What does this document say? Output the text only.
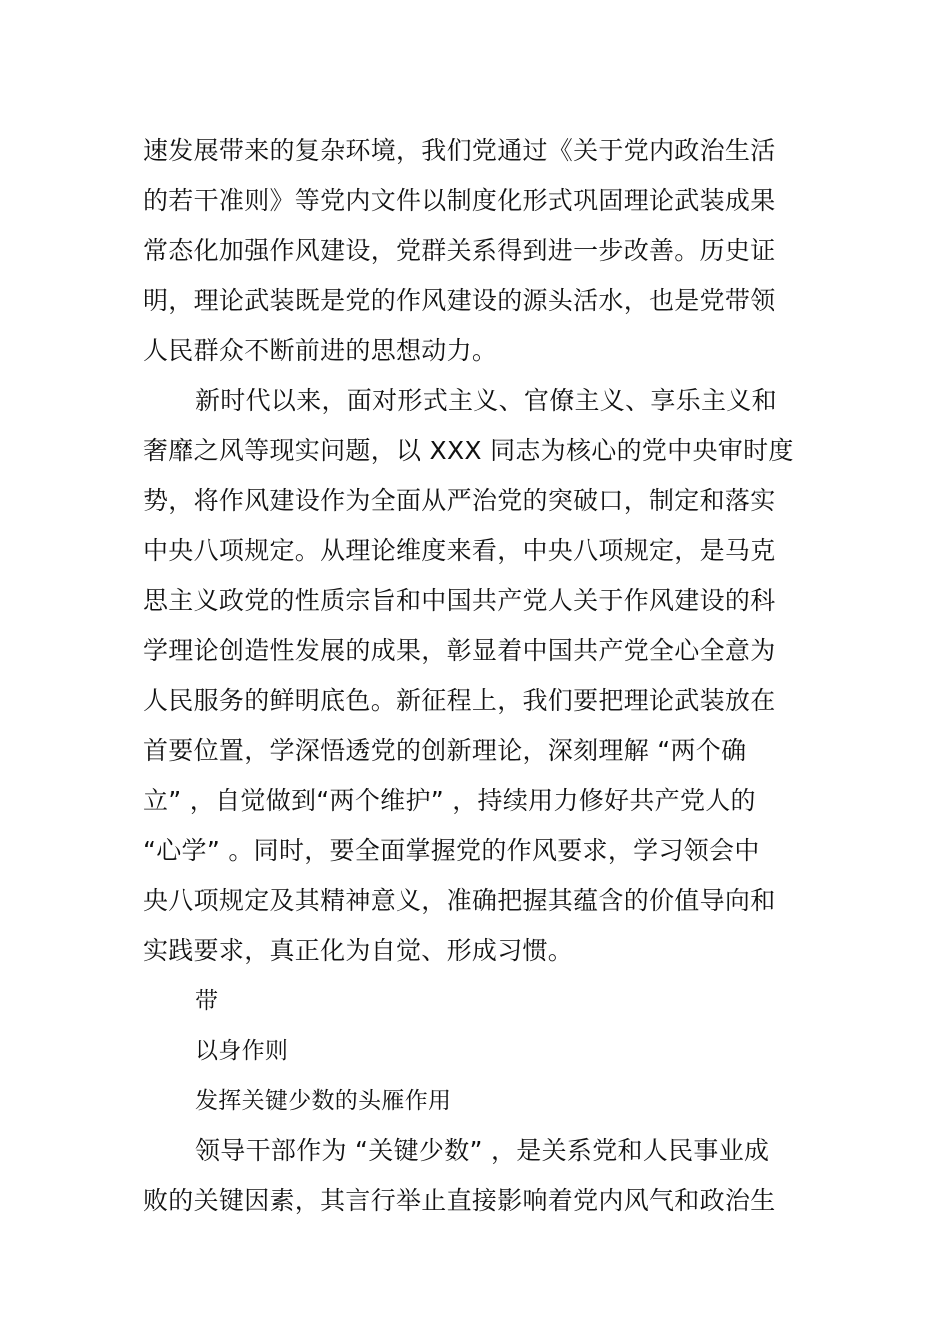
速发展带来的复杂环境，我们党通过《关于党内政治生活
的若干准则》等党内文件以制度化形式巩固理论武装成果
常态化加强作风建设，党群关系得到进一步改善。历史证
明，理论武装既是党的作风建设的源头活水，也是党带领
人民群众不断前进的思想动力。
新时代以来，面对形式主义、官僚主义、享乐主义和
奢靡之风等现实问题，以 XXX 同志为核心的党中央审时度
势，将作风建设作为全面从严治党的突破口，制定和落实
中央八项规定。从理论维度来看，中央八项规定，是马克
思主义政党的性质宗旨和中国共产党人关于作风建设的科
学理论创造性发展的成果，彰显着中国共产党全心全意为
人民服务的鲜明底色。新征程上，我们要把理论武装放在
首要位置，学深悟透党的创新理论，深刻理解 “两个确
立” ，自觉做到“两个维护” ，持续用力修好共产党人的
“心学” 。同时，要全面掌握党的作风要求，学习领会中
央八项规定及其精神意义，准确把握其蕴含的价值导向和
实践要求，真正化为自觉、形成习惯。
带
以身作则
发挥关键少数的头雁作用
领导干部作为 “关键少数” ，是关系党和人民事业成
败的关键因素，其言行举止直接影响着党内风气和政治生
